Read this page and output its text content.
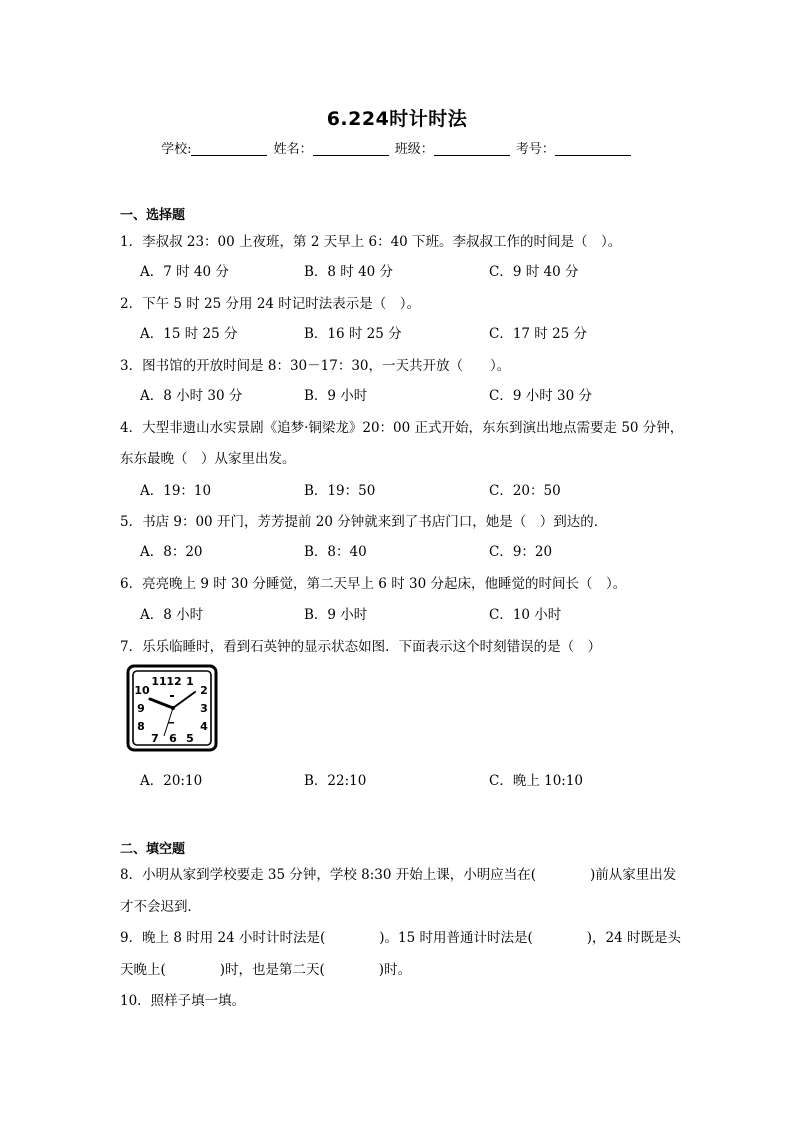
6.224时计时法
学校:	姓名：	班级：	考号：
一、选择题
1．李叔叔 23：00 上夜班，第 2 天早上 6：40 下班。李叔叔工作的时间是（　）。
A．7 时 40 分	B．8 时 40 分	C．9 时 40 分
2．下午 5 时 25 分用 24 时记时法表示是（　）。
A．15 时 25 分	B．16 时 25 分	C．17 时 25 分
3．图书馆的开放时间是 8：30－17：30，一天共开放（　　）。
A．8 小时 30 分	B．9 小时	C．9 小时 30 分
4．大型非遗山水实景剧《追梦·铜梁龙》20：00 正式开始，东东到演出地点需要走 50 分钟，
东东最晚（　）从家里出发。
A．19：10	B．19：50	C．20：50
5．书店 9：00 开门，芳芳提前 20 分钟就来到了书店门口，她是（　）到达的．
A．8：20	B．8：40	C．9：20
6．亮亮晚上 9 时 30 分睡觉，第二天早上 6 时 30 分起床，他睡觉的时间长（　）。
A．8 小时	B．9 小时	C．10 小时
7．乐乐临睡时，看到石英钟的显示状态如图．下面表示这个时刻错误的是（　）
11 12 1
10	2
9	3
8	4
7 6 5
A．20:10	B．22:10	C．晚上 10:10
二、填空题
8．小明从家到学校要走 35 分钟，学校 8:30 开始上课，小明应当在(　　　　)前从家里出发
才不会迟到．
9．晚上 8 时用 24 小时计时法是(　　　　)。15 时用普通计时法是(　　　　)，24 时既是头
天晚上(　　　　)时，也是第二天(　　　　)时。
10．照样子填一填。
